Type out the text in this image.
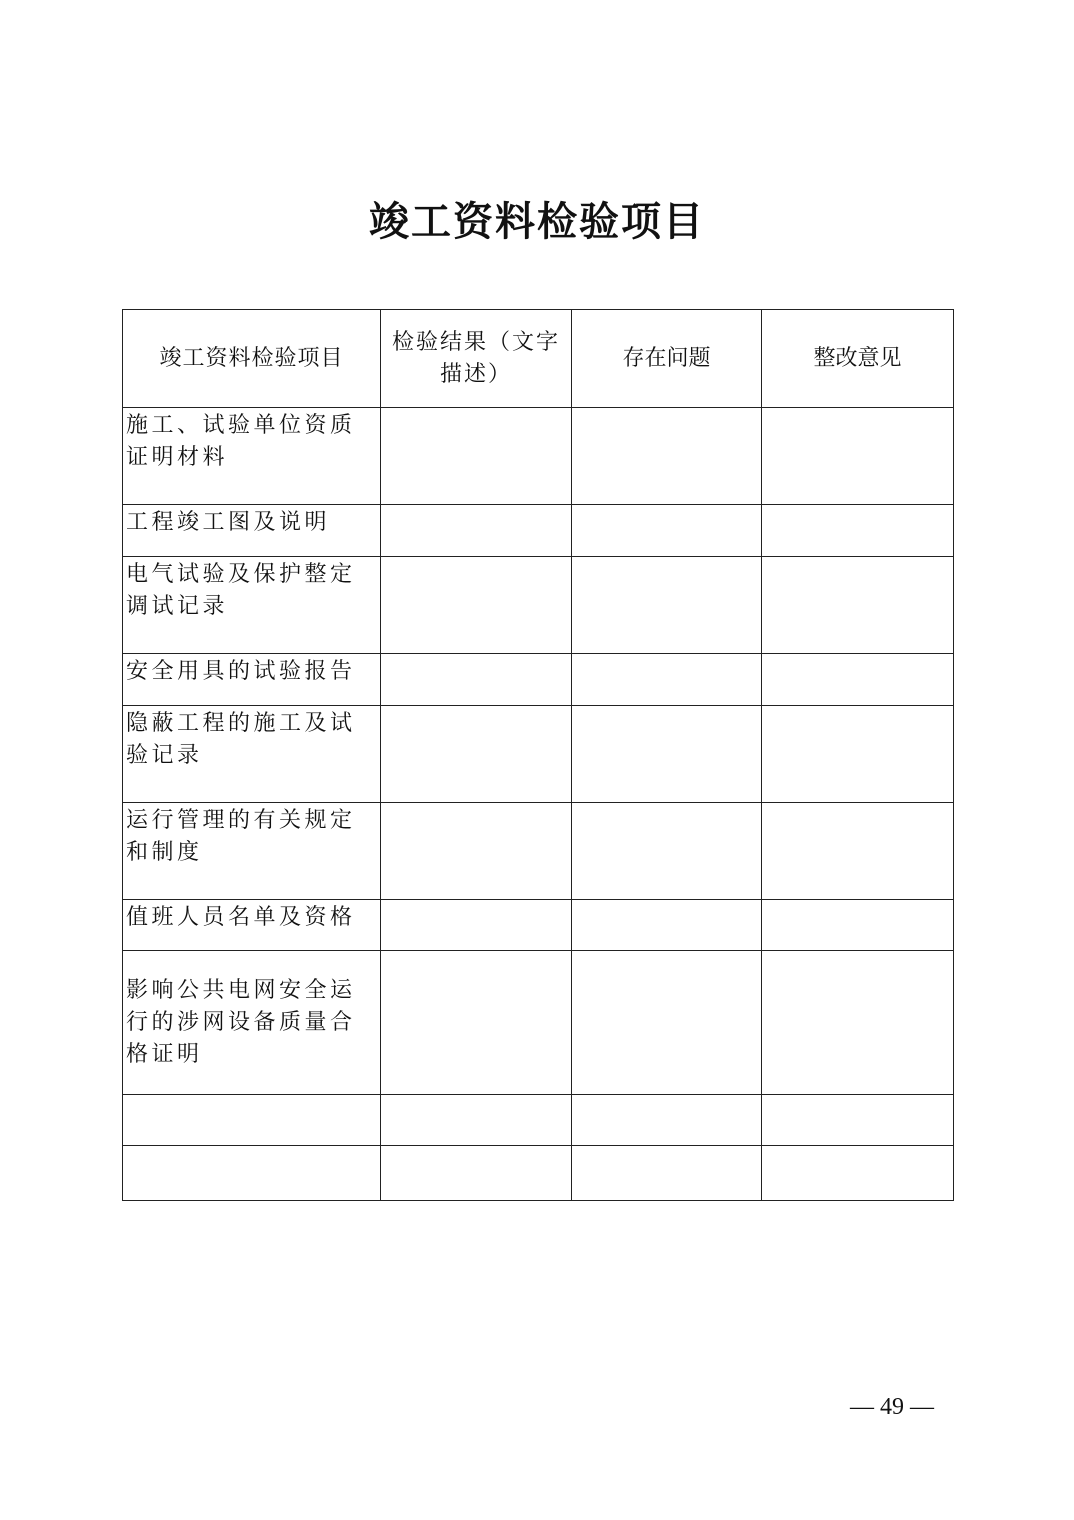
竣工资料检验项目
竣工资料检验项目	检验结果（文字描述）	存在问题	整改意见
施工、试验单位资质证明材料			
工程竣工图及说明			
电气试验及保护整定调试记录			
安全用具的试验报告			
隐蔽工程的施工及试验记录			
运行管理的有关规定和制度			
值班人员名单及资格			
影响公共电网安全运行的涉网设备质量合格证明			

— 49 —
